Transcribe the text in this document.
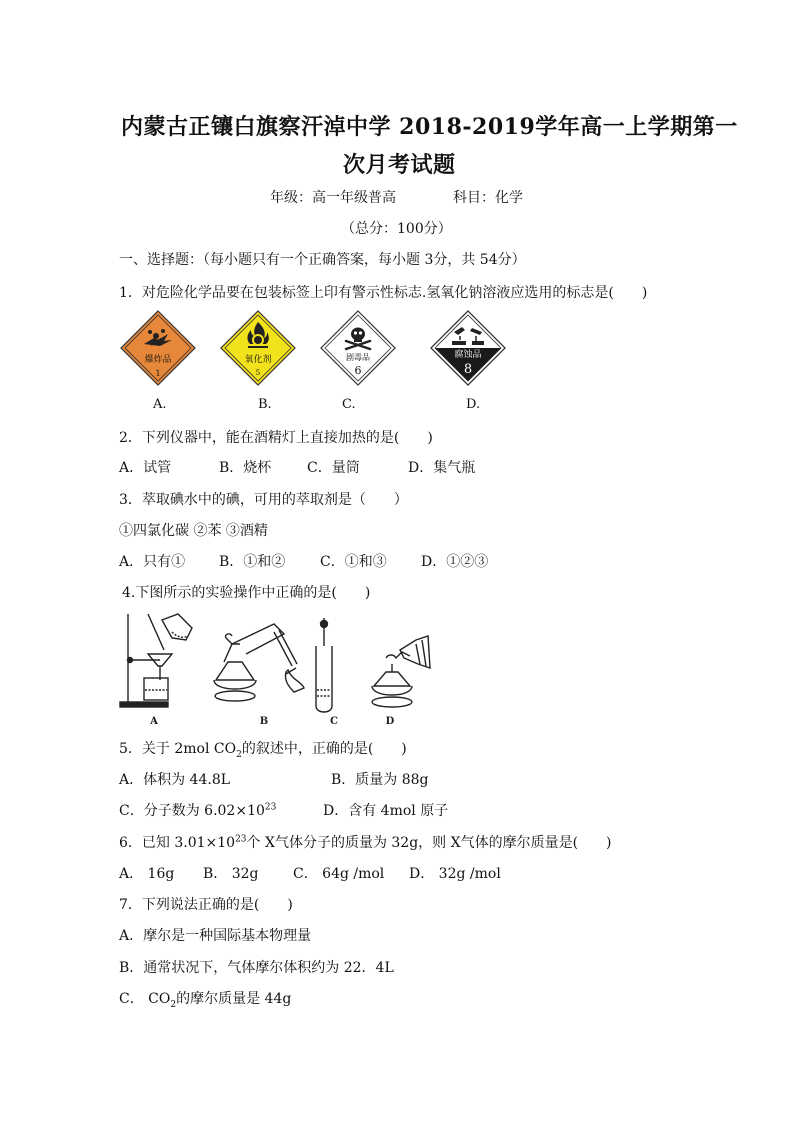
内蒙古正镶白旗察汗淖中学 2018-2019学年高一上学期第一
次月考试题
年级：高一年级普高	科目：化学
（总分：100分）
一、选择题：（每小题只有一个正确答案，每小题 3分，共 54分）
1．对危险化学品要在包装标签上印有警示性标志.氢氧化钠溶液应选用的标志是(　　)
爆炸品
1
氧化剂
5
剧毒品
6
腐蚀品
8
A.	B.	C.	D.
2．下列仪器中，能在酒精灯上直接加热的是(　　)
A．试管	B．烧杯	C．量筒	D．集气瓶
3．萃取碘水中的碘，可用的萃取剂是（　　）
①四氯化碳 ②苯 ③酒精
A．只有① B．①和② C．①和③ D．①②③
4.下图所示的实验操作中正确的是(　　)
A	B	C	D
5．关于 2mol $CO_2$的叙述中，正确的是(　　)
A．体积为 44.8L	B．质量为 88g
C．分子数为 $6.02\times 10^{23}$	D．含有 4mol 原子
6．已知 $3.01\times 10^{23}$个 X气体分子的质量为 32g，则 X气体的摩尔质量是(　　)
A． 16g B． 32g C． 64g /mol D． 32g /mol
7．下列说法正确的是(　　)
A．摩尔是一种国际基本物理量
B．通常状况下，气体摩尔体积约为 22．4L
C． $CO_2$的摩尔质量是 44g
